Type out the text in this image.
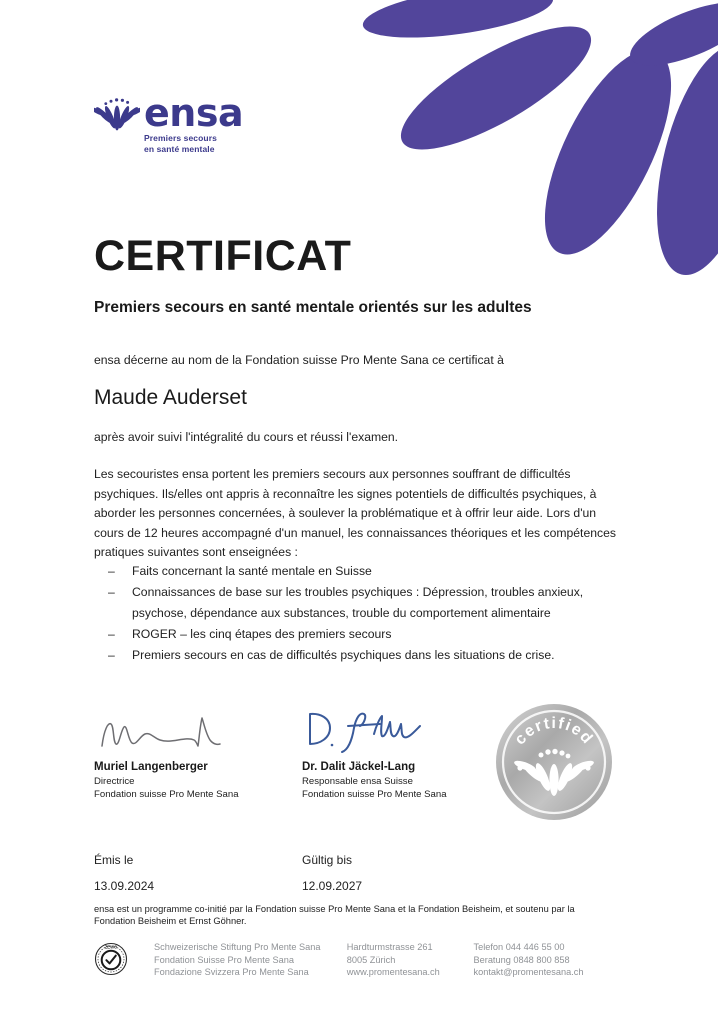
ensa
Premiers secours
en santé mentale
CERTIFICAT
Premiers secours en santé mentale orientés sur les adultes
ensa décerne au nom de la Fondation suisse Pro Mente Sana ce certificat à
Maude Auderset
après avoir suivi l'intégralité du cours et réussi l'examen.
Les secouristes ensa portent les premiers secours aux personnes souffrant de difficultés psychiques. Ils/elles ont appris à reconnaître les signes potentiels de difficultés psychiques, à aborder les personnes concernées, à soulever la problématique et à offrir leur aide. Lors d'un cours de 12 heures accompagné d'un manuel, les connaissances théoriques et les compétences pratiques suivantes sont enseignées :
–	Faits concernant la santé mentale en Suisse
–	Connaissances de base sur les troubles psychiques : Dépression, troubles anxieux, psychose, dépendance aux substances, trouble du comportement alimentaire
–	ROGER – les cinq étapes des premiers secours
–	Premiers secours en cas de difficultés psychiques dans les situations de crise.
Muriel Langenberger
Directrice
Fondation suisse Pro Mente Sana
Dr. Dalit Jäckel-Lang
Responsable ensa Suisse
Fondation suisse Pro Mente Sana
certified
Émis le
13.09.2024
Gültig bis
12.09.2027
ensa est un programme co-initié par la Fondation suisse Pro Mente Sana et la Fondation Beisheim, et soutenu par la Fondation Beisheim et Ernst Göhner.
ZEWO	Schweizerische Stiftung Pro Mente Sana
Fondation Suisse Pro Mente Sana
Fondazione Svizzera Pro Mente Sana
Hardturmstrasse 261
8005 Zürich
www.promentesana.ch
Telefon 044 446 55 00
Beratung 0848 800 858
kontakt@promentesana.ch
